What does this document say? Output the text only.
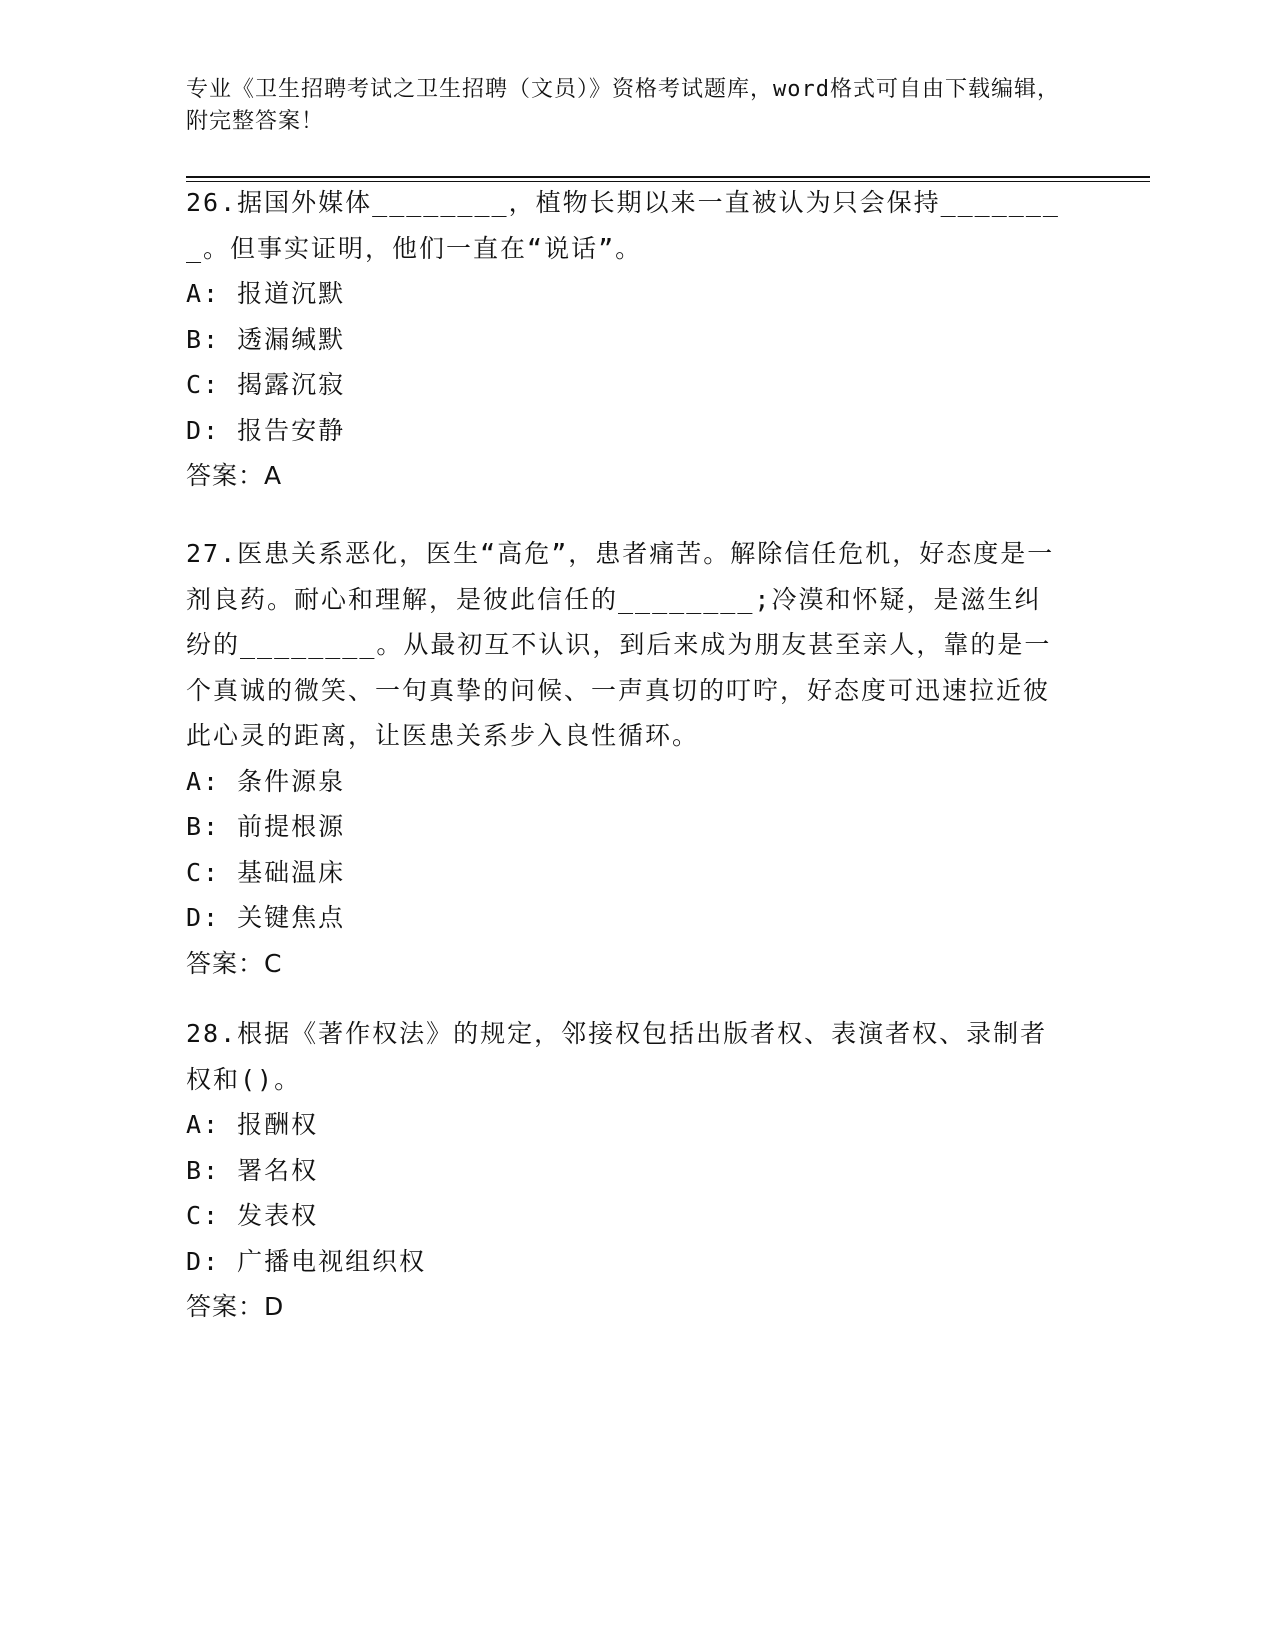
专业《卫生招聘考试之卫生招聘（文员）》资格考试题库，word格式可自由下载编辑，附完整答案！

26.据国外媒体________，植物长期以来一直被认为只会保持________。但事实证明，他们一直在“说话”。

A: 报道沉默
B: 透漏缄默
C: 揭露沉寂
D: 报告安静
答案：A

27.医患关系恶化，医生“高危”，患者痛苦。解除信任危机，好态度是一剂良药。耐心和理解，是彼此信任的________;冷漠和怀疑，是滋生纠纷的________。从最初互不认识，到后来成为朋友甚至亲人，靠的是一个真诚的微笑、一句真挚的问候、一声真切的叮咛，好态度可迅速拉近彼此心灵的距离，让医患关系步入良性循环。

A: 条件源泉
B: 前提根源
C: 基础温床
D: 关键焦点
答案：C

28.根据《著作权法》的规定，邻接权包括出版者权、表演者权、录制者权和()。

A: 报酬权
B: 署名权
C: 发表权
D: 广播电视组织权
答案：D
